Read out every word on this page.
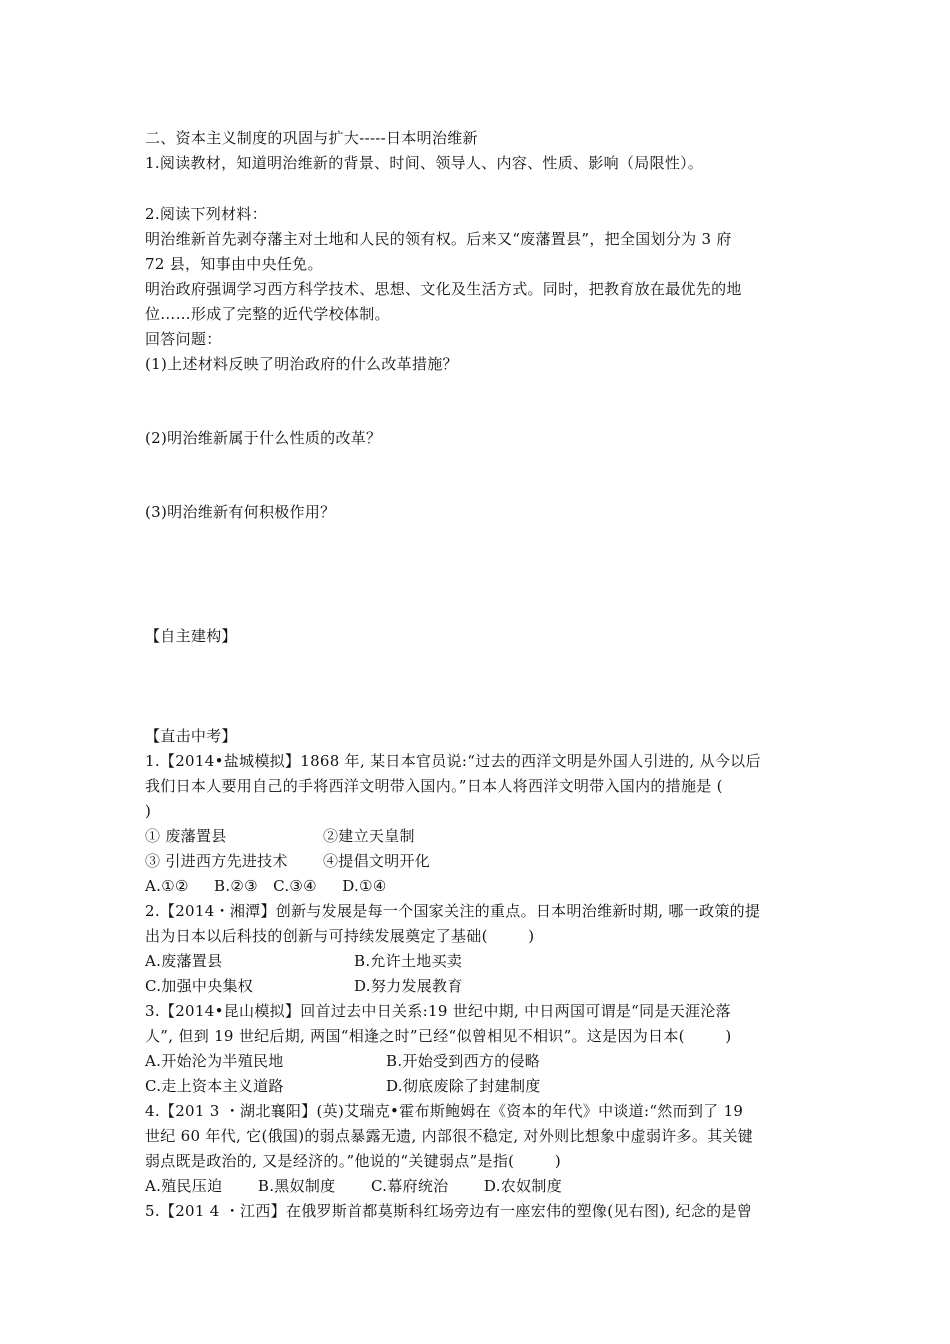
二、资本主义制度的巩固与扩大-----日本明治维新
1.阅读教材，知道明治维新的背景、时间、领导人、内容、性质、影响（局限性）。
2.阅读下列材料：
明治维新首先剥夺藩主对土地和人民的领有权。后来又“废藩置县”，把全国划分为 3 府
72 县，知事由中央任免。
明治政府强调学习西方科学技术、思想、文化及生活方式。同时，把教育放在最优先的地
位……形成了完整的近代学校体制。
回答问题：
(1)上述材料反映了明治政府的什么改革措施？
(2)明治维新属于什么性质的改革？
(3)明治维新有何积极作用？
【自主建构】
【直击中考】
1.【2014•盐城模拟】1868 年, 某日本官员说:“过去的西洋文明是外国人引进的, 从今以后
我们日本人要用自己的手将西洋文明带入国内。”日本人将西洋文明带入国内的措施是 (
)
① 废藩置县	②建立天皇制
③ 引进西方先进技术 ④提倡文明开化
A.①②     B.②③   C.③④     D.①④
2.【2014・湘潭】创新与发展是每一个国家关注的重点。日本明治维新时期, 哪一政策的提
出为日本以后科技的创新与可持续发展奠定了基础(        )
A.废藩置县	B.允许土地买卖
C.加强中央集权	D.努力发展教育
3.【2014•昆山模拟】回首过去中日关系:19 世纪中期, 中日两国可谓是“同是天涯沦落
人”, 但到 19 世纪后期, 两国“相逢之时”已经“似曾相见不相识”。这是因为日本(        )
A.开始沦为半殖民地	B.开始受到西方的侵略
C.走上资本主义道路	D.彻底废除了封建制度
4.【201 3 ・湖北襄阳】(英)艾瑞克•霍布斯鲍姆在《资本的年代》中谈道:“然而到了 19
世纪 60 年代, 它(俄国)的弱点暴露无遗, 内部很不稳定, 对外则比想象中虚弱许多。其关键
弱点既是政治的, 又是经济的。”他说的“关键弱点”是指(        )
A.殖民压迫       B.黑奴制度       C.幕府统治       D.农奴制度
5.【201 4 ・江西】在俄罗斯首都莫斯科红场旁边有一座宏伟的塑像(见右图), 纪念的是曾
